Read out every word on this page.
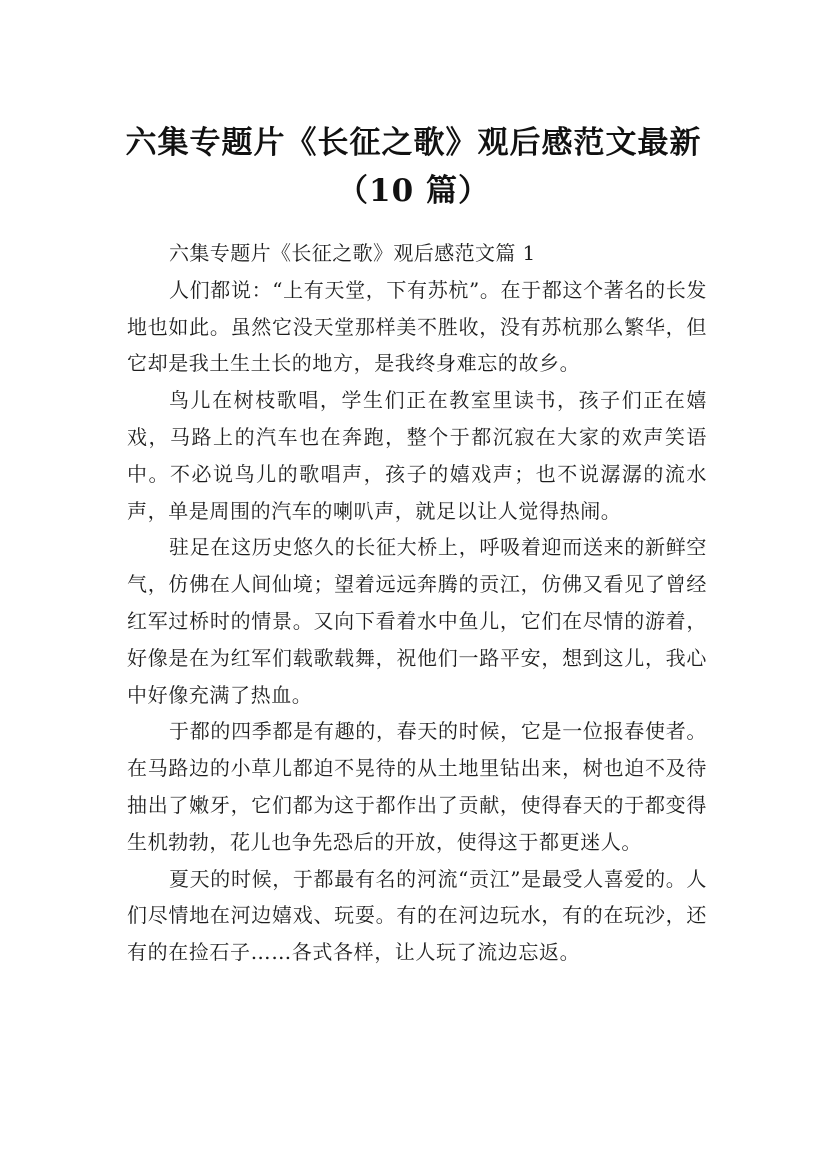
六集专题片《长征之歌》观后感范文最新
（10 篇）

六集专题片《长征之歌》观后感范文篇 1

人们都说：“上有天堂，下有苏杭”。在于都这个著名的长发地也如此。虽然它没天堂那样美不胜收，没有苏杭那么繁华，但它却是我土生土长的地方，是我终身难忘的故乡。

鸟儿在树枝歌唱，学生们正在教室里读书，孩子们正在嬉戏，马路上的汽车也在奔跑，整个于都沉寂在大家的欢声笑语中。不必说鸟儿的歌唱声，孩子的嬉戏声；也不说潺潺的流水声，单是周围的汽车的喇叭声，就足以让人觉得热闹。

驻足在这历史悠久的长征大桥上，呼吸着迎而送来的新鲜空气，仿佛在人间仙境；望着远远奔腾的贡江，仿佛又看见了曾经红军过桥时的情景。又向下看着水中鱼儿，它们在尽情的游着，好像是在为红军们载歌载舞，祝他们一路平安，想到这儿，我心中好像充满了热血。

于都的四季都是有趣的，春天的时候，它是一位报春使者。在马路边的小草儿都迫不晃待的从土地里钻出来，树也迫不及待抽出了嫩牙，它们都为这于都作出了贡献，使得春天的于都变得生机勃勃，花儿也争先恐后的开放，使得这于都更迷人。

夏天的时候，于都最有名的河流“贡江”是最受人喜爱的。人们尽情地在河边嬉戏、玩耍。有的在河边玩水，有的在玩沙，还有的在捡石子……各式各样，让人玩了流边忘返。
